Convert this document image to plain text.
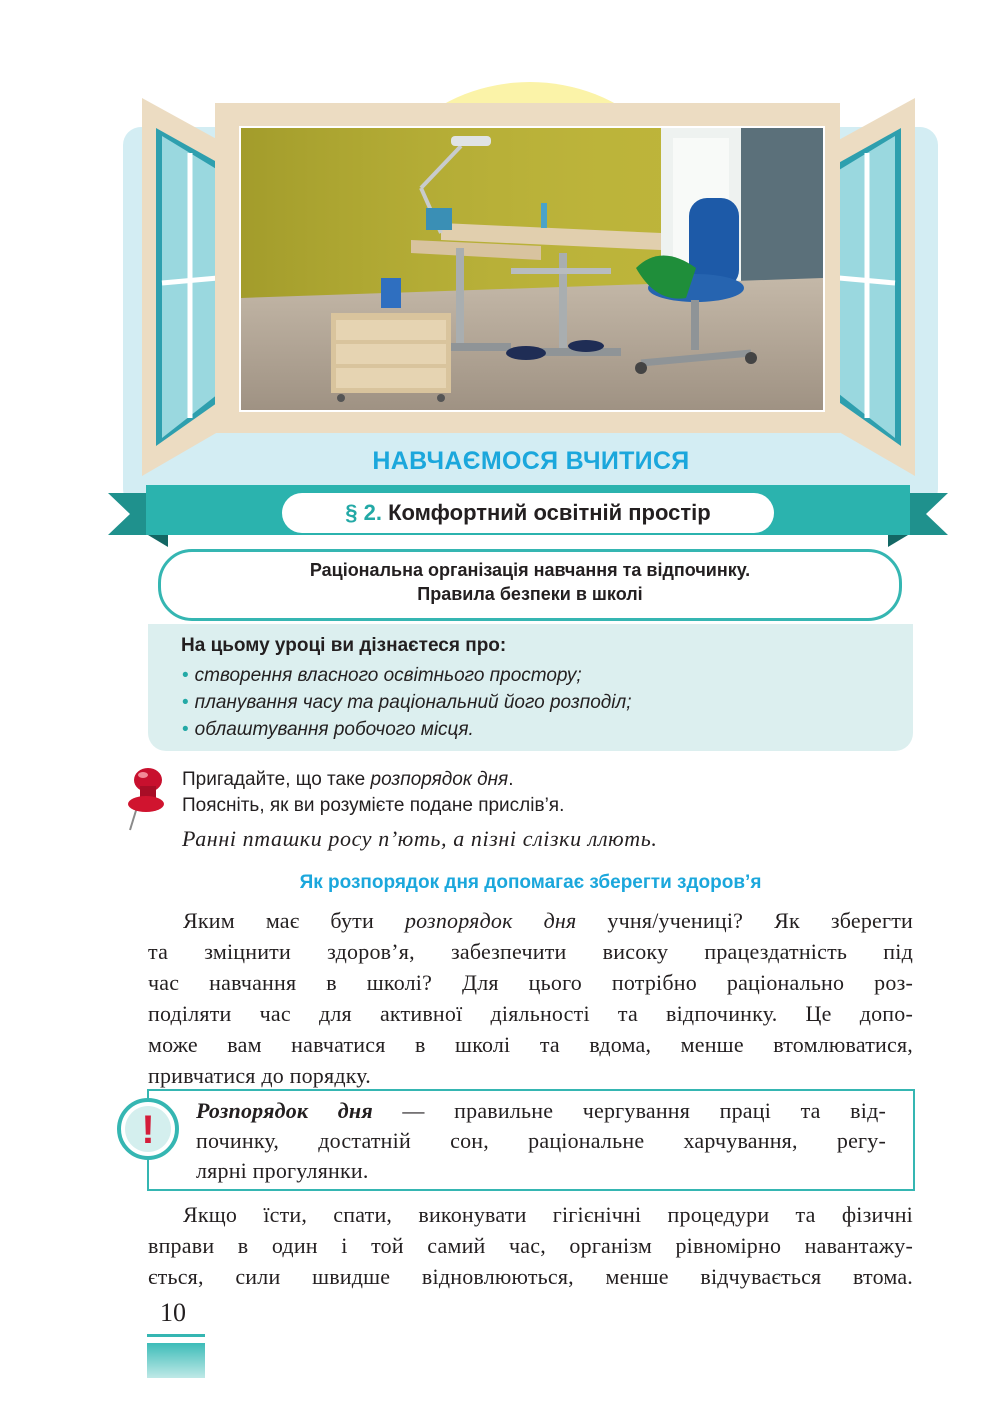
НАВЧАЄМОСЯ ВЧИТИСЯ
§ 2. Комфортний освітній простір
Раціональна організація навчання та відпочинку.
Правила безпеки в школі
На цьому уроці ви дізнаєтеся про:
• створення власного освітнього простору;
• планування часу та раціональний його розподіл;
• облаштування робочого місця.
Пригадайте, що таке розпорядок дня.
Поясніть, як ви розумієте подане прислів’я.
Ранні пташки росу п’ють, а пізні слізки ллють.
Як розпорядок дня допомагає зберегти здоров’я
Яким має бути розпорядок дня учня/учениці? Як зберегти
та зміцнити здоров’я, забезпечити високу працездатність під
час навчання в школі? Для цього потрібно раціонально роз-
поділяти час для активної діяльності та відпочинку. Це допо-
може вам навчатися в школі та вдома, менше втомлюватися,
привчатися до порядку.
! Розпорядок дня — правильне чергування праці та від-
починку, достатній сон, раціональне харчування, регу-
лярні прогулянки.
Якщо їсти, спати, виконувати гігієнічні процедури та фізичні
вправи в один і той самий час, організм рівномірно навантажу-
ється, сили швидше відновлюються, менше відчувається втома.
10
